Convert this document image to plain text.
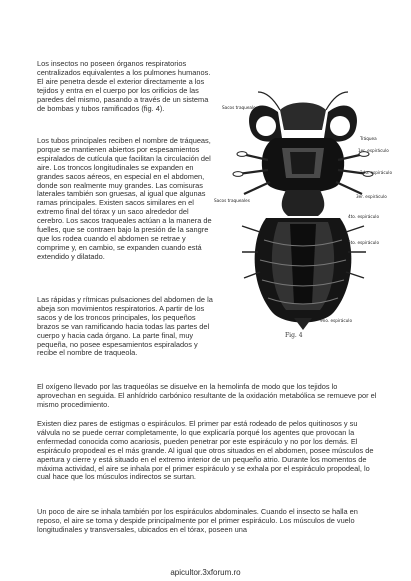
Los insectos no poseen órganos respiratorios centralizados equivalentes a los pulmones humanos. El aire penetra desde el exterior directamente a los tejidos y entra en el cuerpo por los orificios de las paredes del mismo, pasando a través de un sistema de bombas y tubos ramificados (fig. 4).

Los tubos principales reciben el nombre de tráqueas, porque se mantienen abiertos por espesamientos espiralados de cutícula que facilitan la circulación del aire. Los troncos longitudinales se expanden en grandes sacos aéreos, en especial en el abdomen, donde son realmente muy grandes. Las comisuras laterales también son gruesas, al igual que algunas ramas principales. Existen sacos similares en el extremo final del tórax y un saco alrededor del cerebro. Los sacos traqueales actúan a la manera de fuelles, que se contraen bajo la presión de la sangre que los rodea cuando el abdomen se retrae y comprime y, en cambio, se expanden cuando está extendido y dilatado.

Las rápidas y rítmicas pulsaciones del abdomen de la abeja son movimientos respiratorios. A partir de los sacos y de los troncos principales, los pequeños brazos se van ramificando hacia todas las partes del cuerpo y hacia cada órgano. La parte final, muy pequeña, no posee espesamientos espiralados y recibe el nombre de traqueola.

Sacos traqueales
Tráquea
1er. espiráculo
2do. espiráculo
Sacos traqueales
3er. espiráculo
4to. espiráculo
5to. espiráculo
9no. espiráculo
Fig. 4

El oxígeno llevado por las traqueólas se disuelve en la hemolinfa de modo que los tejidos lo aprovechan en seguida. El anhídrido carbónico resultante de la oxidación metabólica se remueve por el mismo procedimiento.

Existen diez pares de estigmas o espiráculos. El primer par está rodeado de pelos quitinosos y su válvula no se puede cerrar completamente, lo que explicaría porqué los agentes que provocan la enfermedad conocida como acariosis, pueden penetrar por este espiráculo y no por los demás. El espiráculo propodeal es el más grande. Al igual que otros situados en el abdomen, posee músculos de apertura y cierre y está situado en el extremo interior de un pequeño atrio. Durante los momentos de máxima actividad, el aire se inhala por el primer espiráculo y se exhala por el espiráculo propodeal, lo cual hace que los músculos indirectos se surtan.

Un poco de aire se inhala también por los espiráculos abdominales. Cuando el insecto se halla en reposo, el aire se toma y despide principalmente por el primer espiráculo. Los músculos de vuelo longitudinales y transversales, ubicados en el tórax, poseen una

apicultor.3xforum.ro
